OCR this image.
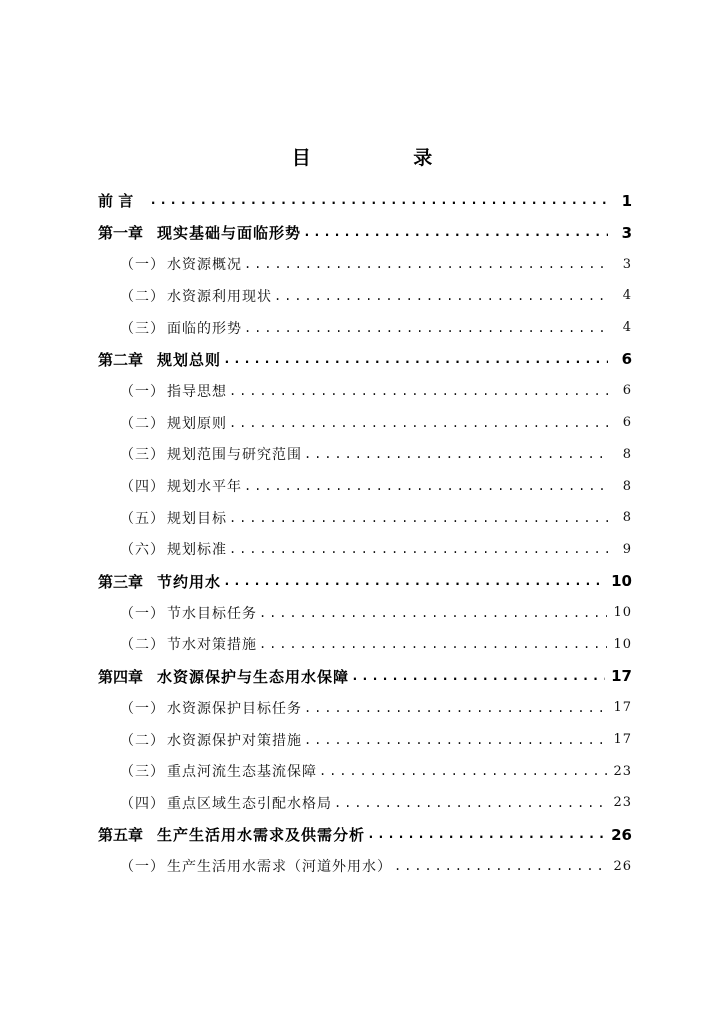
目 录
前 言 .....	1
第一章 现实基础与面临形势 .....	3
（一） 水资源概况 .....	3
（二） 水资源利用现状 .....	4
（三） 面临的形势 .....	4
第二章 规划总则 .....	6
（一） 指导思想 .....	6
（二） 规划原则 .....	6
（三） 规划范围与研究范围 .....	8
（四） 规划水平年 .....	8
（五） 规划目标 .....	8
（六） 规划标准 .....	9
第三章 节约用水 .....	10
（一） 节水目标任务 .....	10
（二） 节水对策措施 .....	10
第四章 水资源保护与生态用水保障 .....	17
（一） 水资源保护目标任务 .....	17
（二） 水资源保护对策措施 .....	17
（三） 重点河流生态基流保障 .....	23
（四） 重点区域生态引配水格局 .....	23
第五章 生产生活用水需求及供需分析 .....	26
（一） 生产生活用水需求（河道外用水） .....	26
